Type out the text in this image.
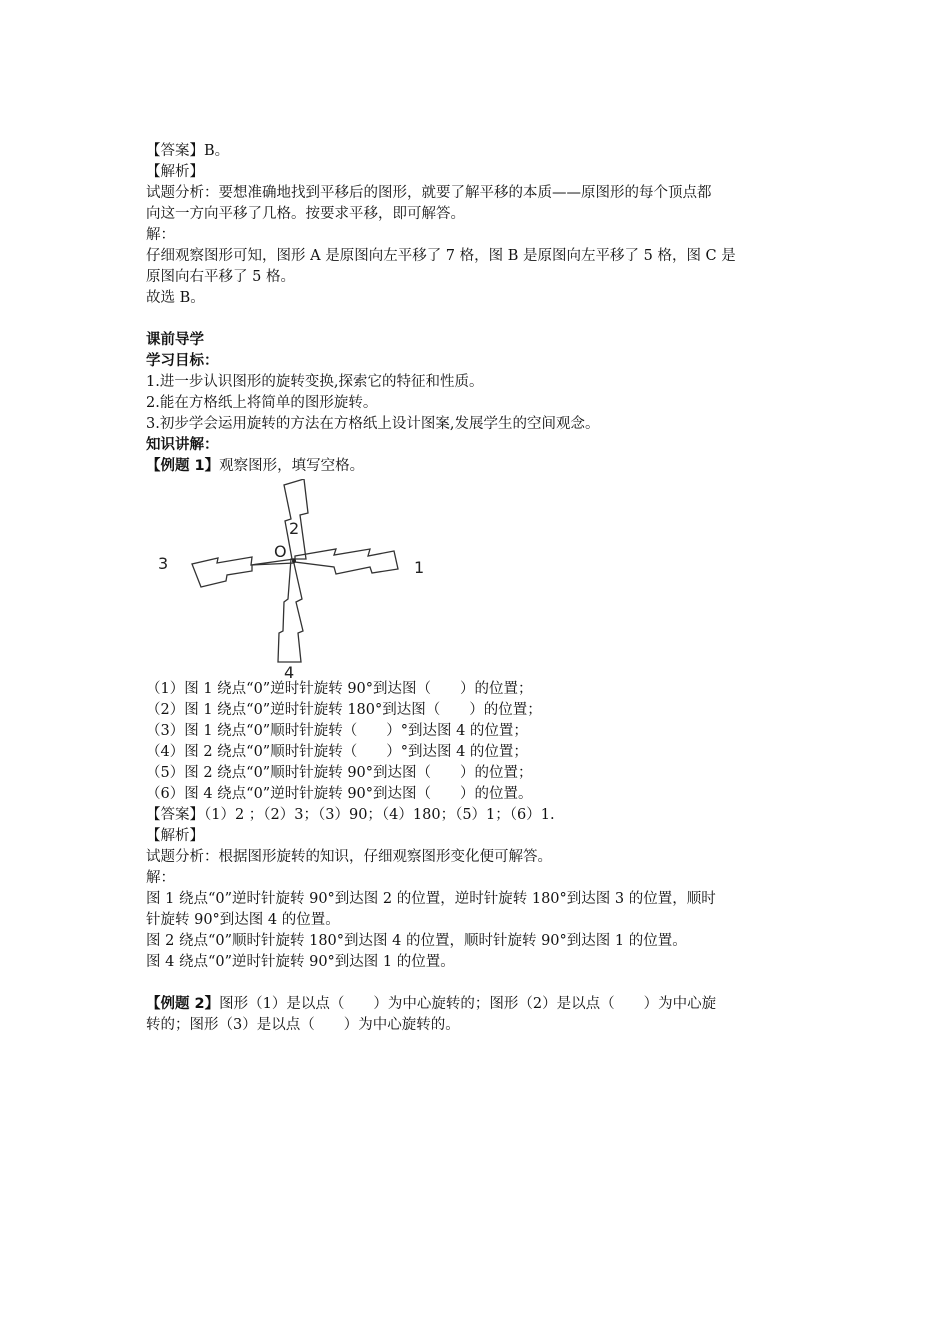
【答案】B。
【解析】
试题分析：要想准确地找到平移后的图形，就要了解平移的本质——原图形的每个顶点都
向这一方向平移了几格。按要求平移，即可解答。
解：
仔细观察图形可知，图形 A 是原图向左平移了 7 格，图 B 是原图向左平移了 5 格，图 C 是
原图向右平移了 5 格。
故选 B。
课前导学
学习目标：
1.进一步认识图形的旋转变换,探索它的特征和性质。
2.能在方格纸上将简单的图形旋转。
3.初步学会运用旋转的方法在方格纸上设计图案,发展学生的空间观念。
知识讲解：
【例题 1】观察图形，填写空格。
O
2
1
3
4
（1）图 1 绕点“0”逆时针旋转 90°到达图（　　）的位置；
（2）图 1 绕点“0”逆时针旋转 180°到达图（　　）的位置；
（3）图 1 绕点“0”顺时针旋转（　　）°到达图 4 的位置；
（4）图 2 绕点“0”顺时针旋转（　　）°到达图 4 的位置；
（5）图 2 绕点“0”顺时针旋转 90°到达图（　　）的位置；
（6）图 4 绕点“0”逆时针旋转 90°到达图（　　）的位置。
【答案】（1）2 ；（2）3；（3）90；（4）180；（5）1；（6）1.
【解析】
试题分析：根据图形旋转的知识，仔细观察图形变化便可解答。
解：
图 1 绕点“0”逆时针旋转 90°到达图 2 的位置，逆时针旋转 180°到达图 3 的位置，顺时
针旋转 90°到达图 4 的位置。
图 2 绕点“0”顺时针旋转 180°到达图 4 的位置，顺时针旋转 90°到达图 1 的位置。
图 4 绕点“0”逆时针旋转 90°到达图 1 的位置。
【例题 2】图形（1）是以点（　　）为中心旋转的；图形（2）是以点（　　）为中心旋
转的；图形（3）是以点（　　）为中心旋转的。
